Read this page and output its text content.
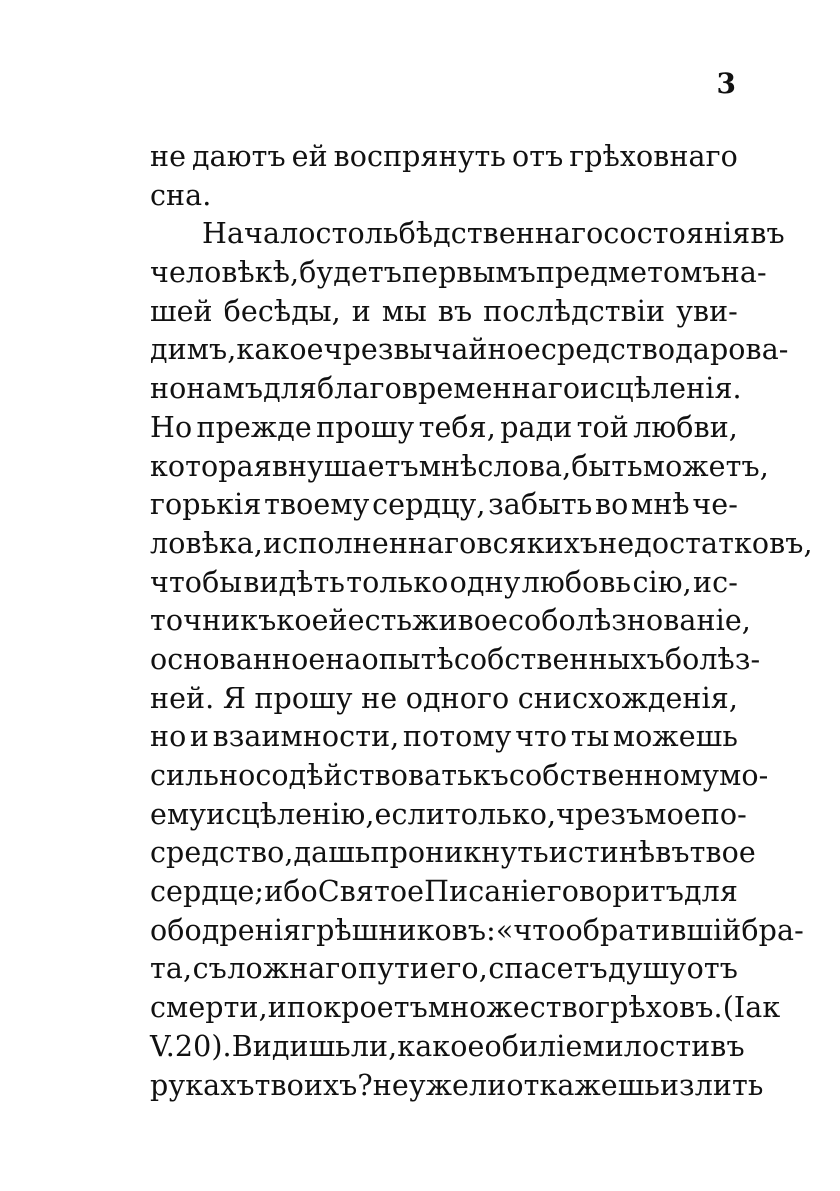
3
не даютъ ей воспрянуть отъ грѣховнаго
сна.
Начало столь бѣдственнаго состоянія въ
человѣкѣ, будетъ первымъ предметомъ на-
шей бесѣды, и мы въ послѣдствіи уви-
димъ, какое чрезвычайное средство дарова-
но намъ для благовременнаго исцѣленія.
Но прежде прошу тебя, ради той любви,
которая внушаетъ мнѣ слова, быть можетъ,
горькія твоему сердцу, забыть во мнѣ че-
ловѣка, исполненнаго всякихъ недостатковъ,
чтобы видѣть только одну любовь сію, ис-
точникъ коей есть живое соболѣзнованіе,
основанное на опытѣ собственныхъ болѣз-
ней. Я прошу не одного снисхожденія,
но и взаимности, потому что ты можешь
сильно содѣйствовать къ собственному мо-
ему исцѣленію, если только, чрезъ мое по-
средство, дашь проникнуть истинѣ въ твое
сердце; ибо Святое Писаніе говоритъ для
ободренія грѣшниковъ: «что обратившій бра-
та, съ ложнаго пути его, спасетъ душу отъ
смерти, и покроетъ множество грѣховъ. (Іак
V. 20). Видишь ли, какое обиліе милости въ
рукахъ твоихъ? не уже ли откажешь излить
